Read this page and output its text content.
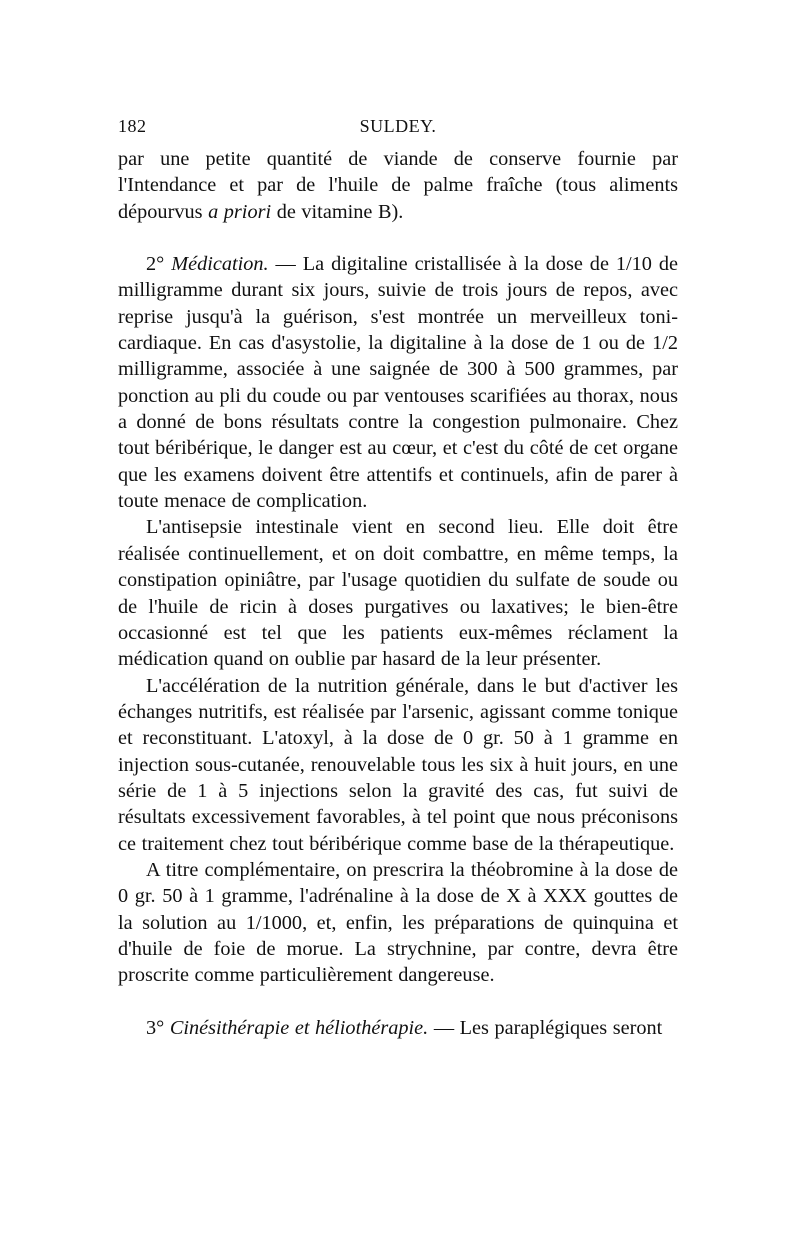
182	SULDEY.

par une petite quantité de viande de conserve fournie par l'Intendance et par de l'huile de palme fraîche (tous aliments dépourvus a priori de vitamine B).

2° Médication. — La digitaline cristallisée à la dose de 1/10 de milligramme durant six jours, suivie de trois jours de repos, avec reprise jusqu'à la guérison, s'est montrée un merveilleux toni-cardiaque. En cas d'asystolie, la digitaline à la dose de 1 ou de 1/2 milligramme, associée à une saignée de 300 à 500 grammes, par ponction au pli du coude ou par ventouses scarifiées au thorax, nous a donné de bons résultats contre la congestion pulmonaire. Chez tout béribérique, le danger est au cœur, et c'est du côté de cet organe que les examens doivent être attentifs et continuels, afin de parer à toute menace de complication.

L'antisepsie intestinale vient en second lieu. Elle doit être réalisée continuellement, et on doit combattre, en même temps, la constipation opiniâtre, par l'usage quotidien du sulfate de soude ou de l'huile de ricin à doses purgatives ou laxatives; le bien-être occasionné est tel que les patients eux-mêmes réclament la médication quand on oublie par hasard de la leur présenter.

L'accélération de la nutrition générale, dans le but d'activer les échanges nutritifs, est réalisée par l'arsenic, agissant comme tonique et reconstituant. L'atoxyl, à la dose de 0 gr. 50 à 1 gramme en injection sous-cutanée, renouvelable tous les six à huit jours, en une série de 1 à 5 injections selon la gravité des cas, fut suivi de résultats excessivement favorables, à tel point que nous préconisons ce traitement chez tout béribérique comme base de la thérapeutique.

A titre complémentaire, on prescrira la théobromine à la dose de 0 gr. 50 à 1 gramme, l'adrénaline à la dose de X à XXX gouttes de la solution au 1/1000, et, enfin, les préparations de quinquina et d'huile de foie de morue. La strychnine, par contre, devra être proscrite comme particulièrement dangereuse.

3° Cinésithérapie et héliothérapie. — Les paraplégiques seront
